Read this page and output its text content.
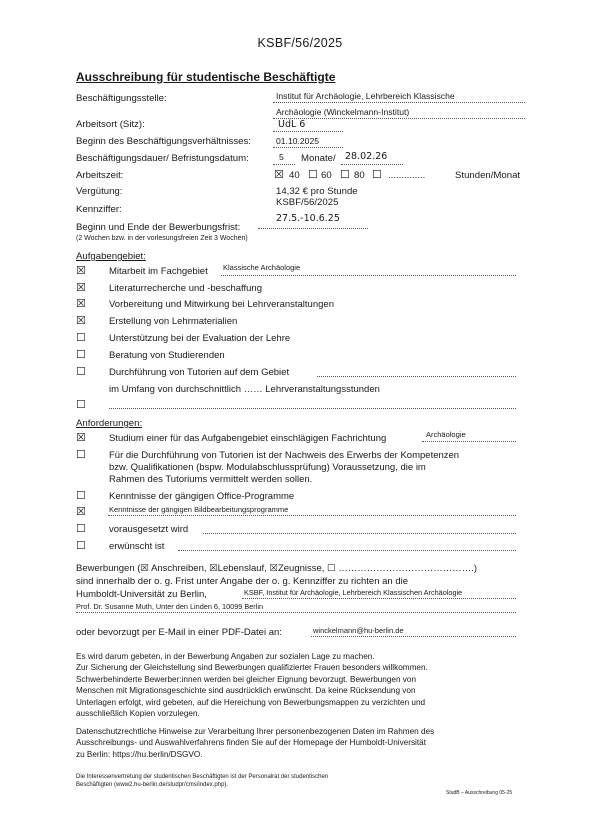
KSBF/56/2025
Ausschreibung für studentische Beschäftigte
Beschäftigungsstelle:	Institut für Archäologie, Lehrbereich Klassische
Archäologie (Winckelmann-Institut)
Arbeitsort (Sitz):	UdL 6
Beginn des Beschäftigungsverhältnisses:	01.10.2025
Beschäftigungsdauer/ Befristungsdatum:	5 Monate/ 28.02.26
Arbeitszeit:	☒ 40 ☐ 60 ☐ 80 ☐ ..............	Stunden/Monat
Vergütung:	14,32 € pro Stunde
Kennziffer:
KSBF/56/2025
Beginn und Ende der Bewerbungsfrist:
27.5.-10.6.25
(2 Wochen bzw. in der vorlesungsfreien Zeit 3 Wochen)
Aufgabengebiet:
☒ Mitarbeit im Fachgebiet Klassische Archäologie
☒ Literaturrecherche und -beschaffung
☒ Vorbereitung und Mitwirkung bei Lehrveranstaltungen
☒ Erstellung von Lehrmaterialien
☐ Unterstützung bei der Evaluation der Lehre
☐ Beratung von Studierenden
☐ Durchführung von Tutorien auf dem Gebiet
im Umfang von durchschnittlich …… Lehrveranstaltungsstunden
☐
Anforderungen:
☒ Studium einer für das Aufgabengebiet einschlägigen Fachrichtung	Archäologie
☐ Für die Durchführung von Tutorien ist der Nachweis des Erwerbs der Kompetenzen
bzw. Qualifikationen (bspw. Modulabschlussprüfung) Voraussetzung, die im
Rahmen des Tutoriums vermittelt werden sollen.
☐ Kenntnisse der gängigen Office-Programme
☒	Kenntnisse der gängigen Bildbearbeitungsprogramme
☐ vorausgesetzt wird
☐ erwünscht ist
Bewerbungen (☒ Anschreiben, ☒Lebenslauf, ☒Zeugnisse, ☐ …………………………………….)
sind innerhalb der o. g. Frist unter Angabe der o. g. Kennziffer zu richten an die
Humboldt-Universität zu Berlin,	KSBF, Institut für Archäologie, Lehrbereich Klassischen Archäologie
Prof. Dr. Susanne Muth, Unter den Linden 6, 10099 Berlin
oder bevorzugt per E-Mail in einer PDF-Datei an:	winckelmann@hu-berlin.de
Es wird darum gebeten, in der Bewerbung Angaben zur sozialen Lage zu machen.
Zur Sicherung der Gleichstellung sind Bewerbungen qualifizierter Frauen besonders willkommen.
Schwerbehinderte Bewerber:innen werden bei gleicher Eignung bevorzugt. Bewerbungen von
Menschen mit Migrationsgeschichte sind ausdrücklich erwünscht. Da keine Rücksendung von
Unterlagen erfolgt, wird gebeten, auf die Hereichung von Bewerbungsmappen zu verzichten und
ausschließlich Kopien vorzulegen.
Datenschutzrechtliche Hinweise zur Verarbeitung Ihrer personenbezogenen Daten im Rahmen des
Ausschreibungs- und Auswahlverfahrens finden Sie auf der Homepage der Humboldt-Universität
zu Berlin: https://hu.berlin/DSGVO.
Die Interessenvertretung der studentischen Beschäftigten ist der Personalrat der studentischen
Beschäftigten (www2.hu-berlin.de/studpr/cms/index.php).
StudB – Ausschreibung 05-25
